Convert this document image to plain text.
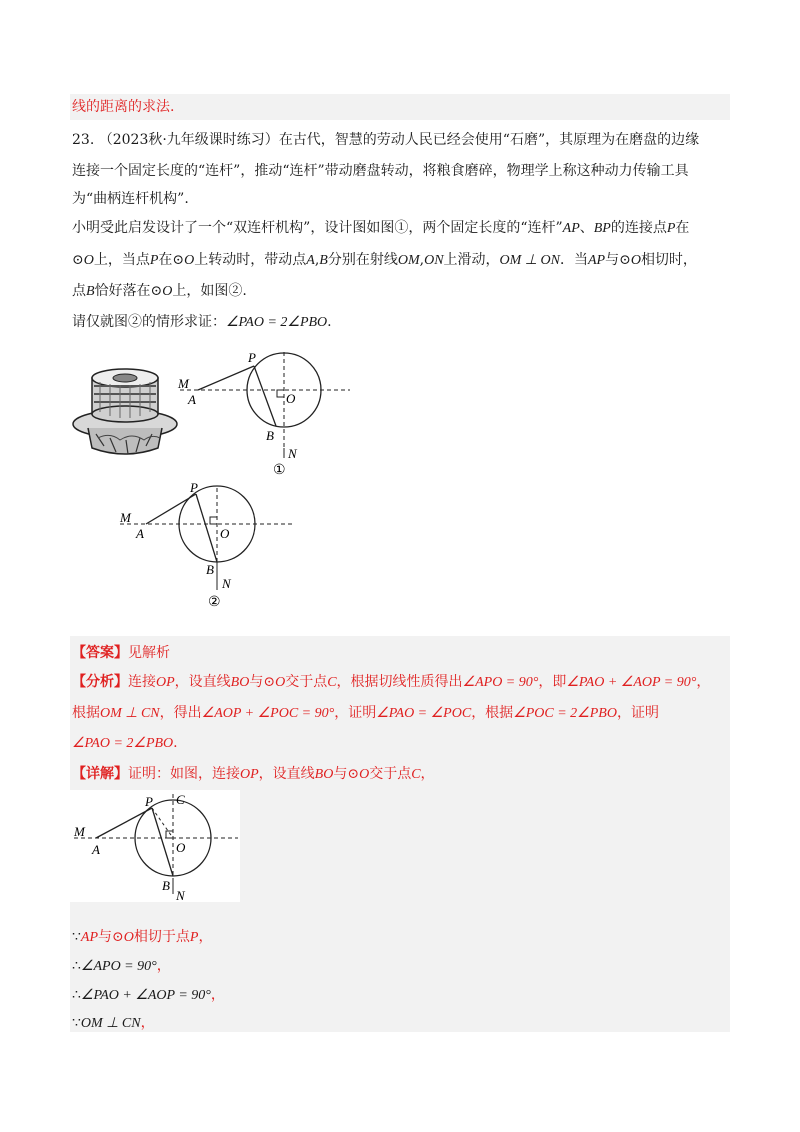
线的距离的求法.
23. （2023秋·九年级课时练习）在古代，智慧的劳动人民已经会使用“石磨”，其原理为在磨盘的边缘
连接一个固定长度的“连杆”，推动“连杆”带动磨盘转动，将粮食磨碎，物理学上称这种动力传输工具
为“曲柄连杆机构”.
小明受此启发设计了一个“双连杆机构”，设计图如图①，两个固定长度的“连杆”AP、BP的连接点P在
⊙O上，当点P在⊙O上转动时，带动点A,B分别在射线OM,ON上滑动，OM ⊥ ON．当AP与⊙O相切时，
点B恰好落在⊙O上，如图②.
请仅就图②的情形求证：∠PAO = 2∠PBO.
M
A
P
O
B
N
①
M
A
P
O
B
N
②
【答案】见解析
【分析】连接OP，设直线BO与⊙O交于点C，根据切线性质得出∠APO = 90°，即∠PAO + ∠AOP = 90°，
根据OM ⊥ CN，得出∠AOP + ∠POC = 90°，证明∠PAO = ∠POC，根据∠POC = 2∠PBO，证明
∠PAO = 2∠PBO.
【详解】证明：如图，连接OP，设直线BO与⊙O交于点C，
M
A
P C
O
B
N
∵AP与⊙O相切于点P，
∴∠APO = 90°，
∴∠PAO + ∠AOP = 90°，
∵OM ⊥ CN，
